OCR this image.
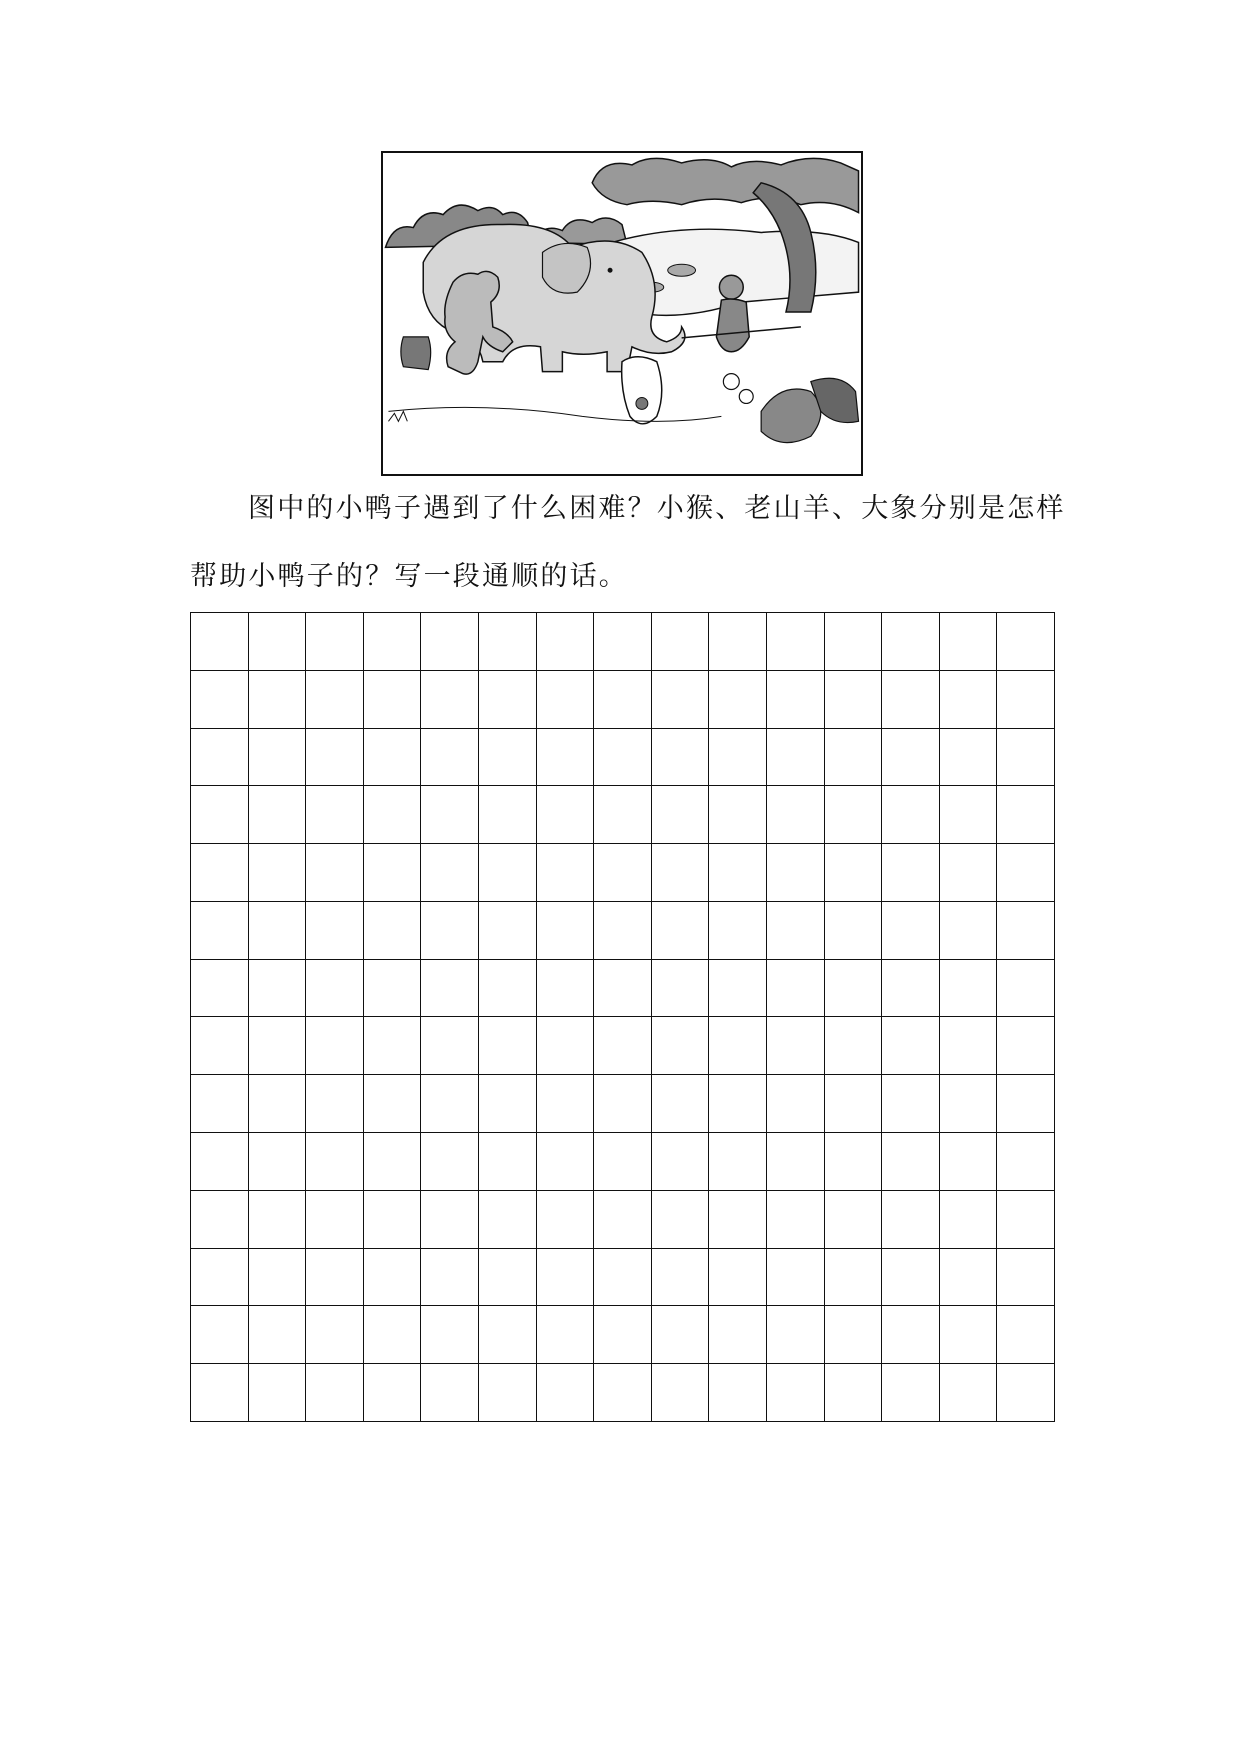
图中的小鸭子遇到了什么困难？小猴、老山羊、大象分别是怎样
帮助小鸭子的？写一段通顺的话。
